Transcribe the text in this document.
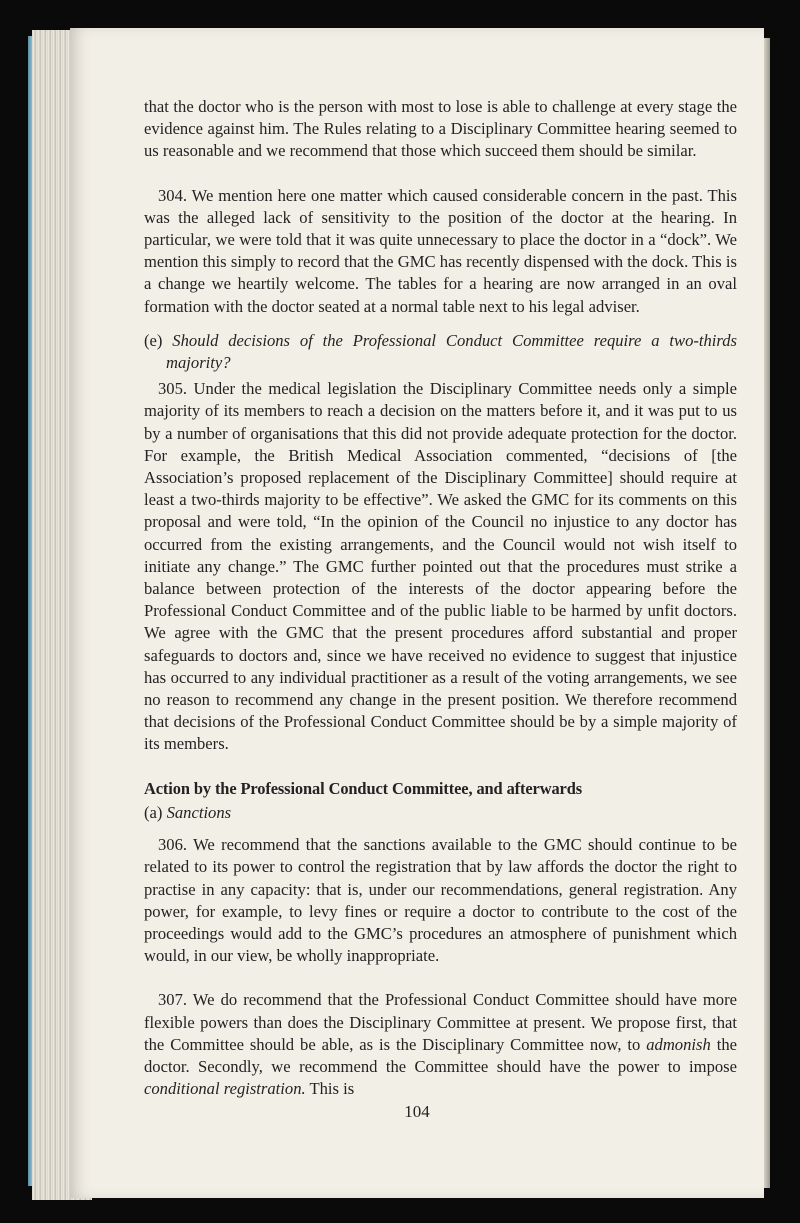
that the doctor who is the person with most to lose is able to challenge at every stage the evidence against him. The Rules relating to a Disciplinary Committee hearing seemed to us reasonable and we recommend that those which succeed them should be similar.

304. We mention here one matter which caused considerable concern in the past. This was the alleged lack of sensitivity to the position of the doctor at the hearing. In particular, we were told that it was quite unnecessary to place the doctor in a “dock”. We mention this simply to record that the GMC has recently dispensed with the dock. This is a change we heartily welcome. The tables for a hearing are now arranged in an oval formation with the doctor seated at a normal table next to his legal adviser.

(e) Should decisions of the Professional Conduct Committee require a two-thirds majority?

305. Under the medical legislation the Disciplinary Committee needs only a simple majority of its members to reach a decision on the matters before it, and it was put to us by a number of organisations that this did not provide adequate protection for the doctor. For example, the British Medical Association commented, “decisions of [the Association’s proposed replacement of the Disciplinary Committee] should require at least a two-thirds majority to be effective”. We asked the GMC for its comments on this proposal and were told, “In the opinion of the Council no injustice to any doctor has occurred from the existing arrangements, and the Council would not wish itself to initiate any change.” The GMC further pointed out that the procedures must strike a balance between protection of the interests of the doctor appearing before the Professional Conduct Committee and of the public liable to be harmed by unfit doctors. We agree with the GMC that the present procedures afford substantial and proper safeguards to doctors and, since we have received no evidence to suggest that injustice has occurred to any individual practitioner as a result of the voting arrangements, we see no reason to recommend any change in the present position. We therefore recommend that decisions of the Professional Conduct Committee should be by a simple majority of its members.

Action by the Professional Conduct Committee, and afterwards

(a) Sanctions

306. We recommend that the sanctions available to the GMC should continue to be related to its power to control the registration that by law affords the doctor the right to practise in any capacity: that is, under our recommendations, general registration. Any power, for example, to levy fines or require a doctor to contribute to the cost of the proceedings would add to the GMC’s procedures an atmosphere of punishment which would, in our view, be wholly inappropriate.

307. We do recommend that the Professional Conduct Committee should have more flexible powers than does the Disciplinary Committee at present. We propose first, that the Committee should be able, as is the Disciplinary Committee now, to admonish the doctor. Secondly, we recommend the Committee should have the power to impose conditional registration. This is

104
